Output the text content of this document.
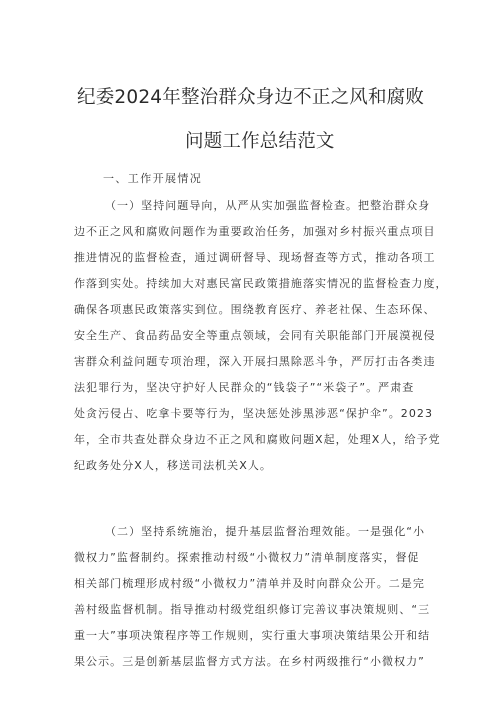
纪委2024年整治群众身边不正之风和腐败
问题工作总结范文
一、工作开展情况
（一）坚持问题导向，从严从实加强监督检查。把整治群众身
边不正之风和腐败问题作为重要政治任务，加强对乡村振兴重点项目
推进情况的监督检查，通过调研督导、现场督查等方式，推动各项工
作落到实处。持续加大对惠民富民政策措施落实情况的监督检查力度，
确保各项惠民政策落实到位。围绕教育医疗、养老社保、生态环保、
安全生产、食品药品安全等重点领域，会同有关职能部门开展漠视侵
害群众利益问题专项治理，深入开展扫黑除恶斗争，严厉打击各类违
法犯罪行为，坚决守护好人民群众的“钱袋子”“米袋子”。严肃查
处贪污侵占、吃拿卡要等行为，坚决惩处涉黑涉恶“保护伞”。2023
年，全市共查处群众身边不正之风和腐败问题X起，处理X人，给予党
纪政务处分X人，移送司法机关X人。
（二）坚持系统施治，提升基层监督治理效能。一是强化“小
微权力”监督制约。探索推动村级“小微权力”清单制度落实，督促
相关部门梳理形成村级“小微权力”清单并及时向群众公开。二是完
善村级监督机制。指导推动村级党组织修订完善议事决策规则、“三
重一大”事项决策程序等工作规则，实行重大事项决策结果公开和结
果公示。三是创新基层监督方式方法。在乡村两级推行“小微权力”
